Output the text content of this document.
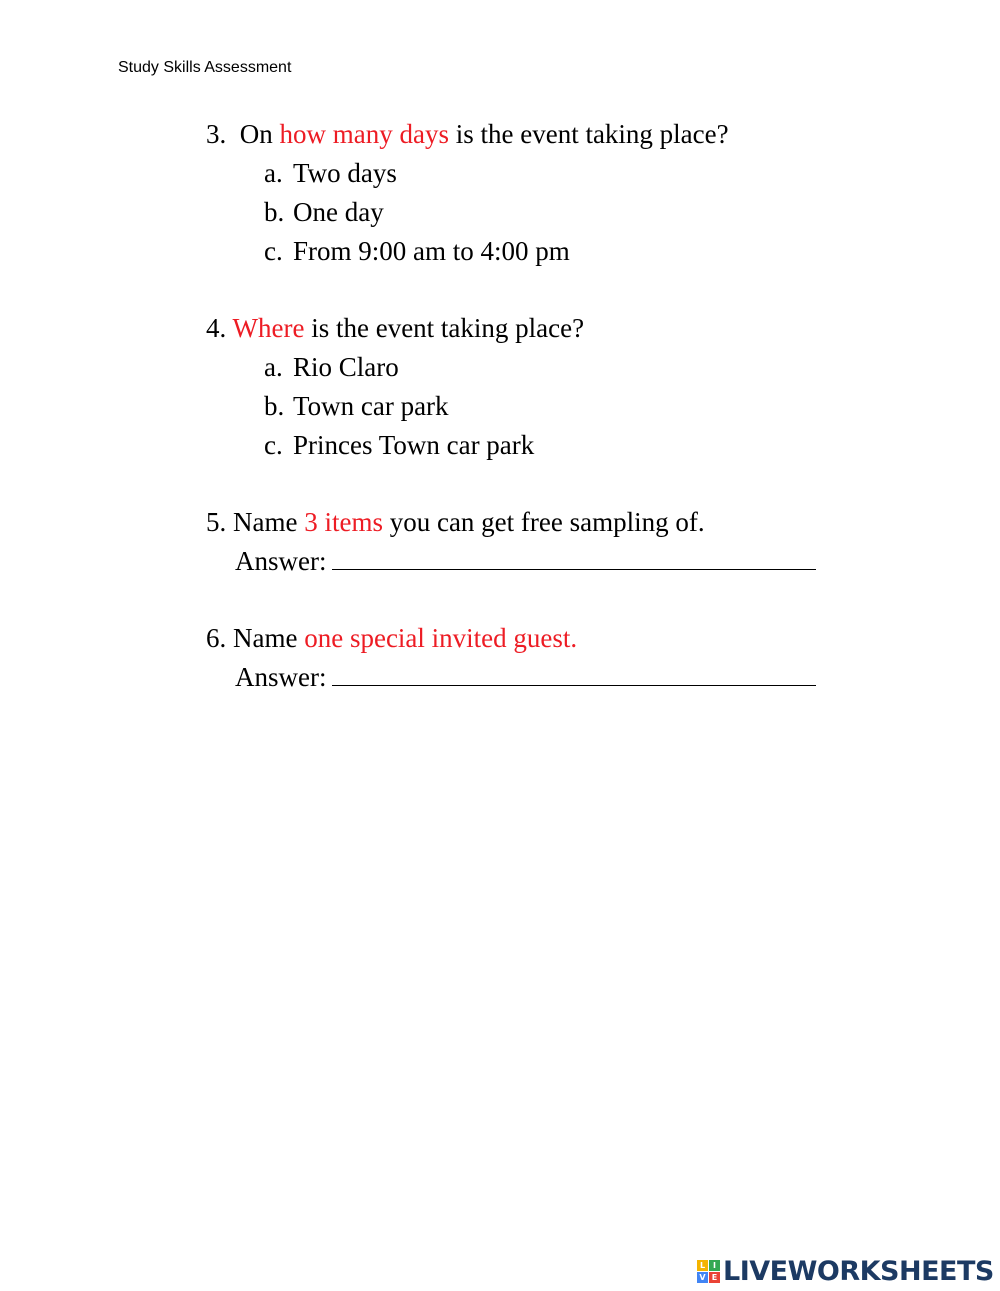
Study Skills Assessment
3. On how many days is the event taking place?
a. Two days
b. One day
c. From 9:00 am to 4:00 pm
4. Where is the event taking place?
a. Rio Claro
b. Town car park
c. Princes Town car park
5. Name 3 items you can get free sampling of.
Answer:
6. Name one special invited guest.
Answer:
L I
V E LIVEWORKSHEETS
